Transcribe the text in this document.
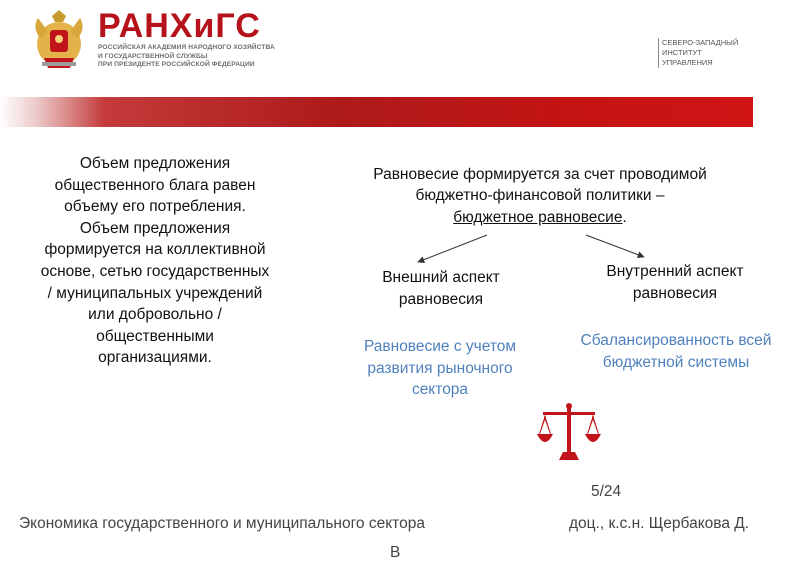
РАНХиГС
РОССИЙСКАЯ АКАДЕМИЯ НАРОДНОГО ХОЗЯЙСТВА
И ГОСУДАРСТВЕННОЙ СЛУЖБЫ
ПРИ ПРЕЗИДЕНТЕ РОССИЙСКОЙ ФЕДЕРАЦИИ
СЕВЕРО-ЗАПАДНЫЙ
ИНСТИТУТ
УПРАВЛЕНИЯ
Объем предложения общественного блага равен объему его потребления. Объем предложения формируется на коллективной основе, сетью государственных / муниципальных учреждений или добровольно / общественными организациями.
Равновесие формируется за счет проводимой
бюджетно-финансовой политики –
бюджетное равновесие.
Внешний аспект равновесия
Внутренний аспект равновесия
Равновесие с учетом развития рыночного сектора
Сбалансированность всей бюджетной системы
5/24
Экономика государственного и муниципального сектора	доц., к.с.н. Щербакова Д.
В
